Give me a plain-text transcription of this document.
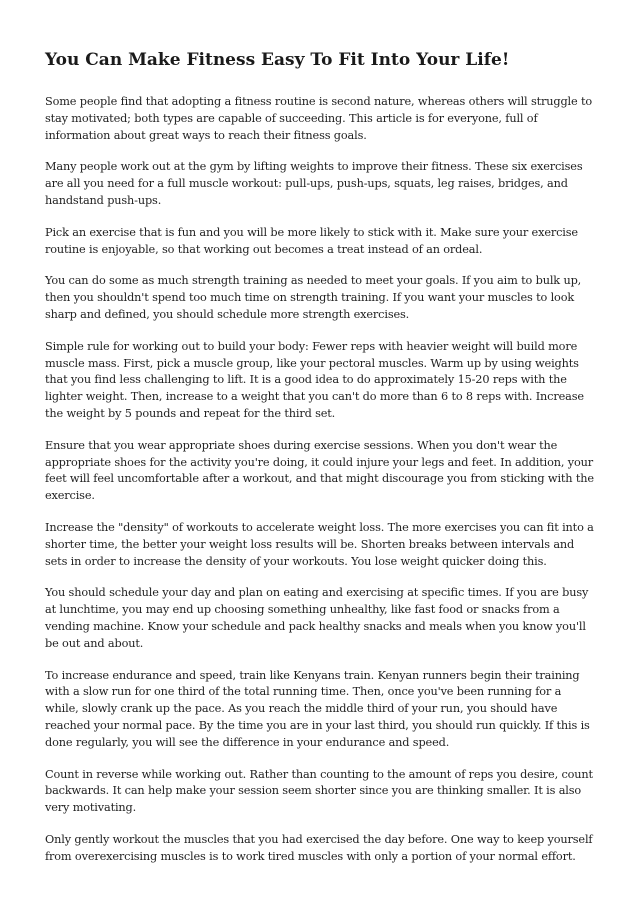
You Can Make Fitness Easy To Fit Into Your Life!

Some people find that adopting a fitness routine is second nature, whereas others will struggle to stay motivated; both types are capable of succeeding. This article is for everyone, full of information about great ways to reach their fitness goals.

Many people work out at the gym by lifting weights to improve their fitness. These six exercises are all you need for a full muscle workout: pull-ups, push-ups, squats, leg raises, bridges, and handstand push-ups.

Pick an exercise that is fun and you will be more likely to stick with it. Make sure your exercise routine is enjoyable, so that working out becomes a treat instead of an ordeal.

You can do some as much strength training as needed to meet your goals. If you aim to bulk up, then you shouldn't spend too much time on strength training. If you want your muscles to look sharp and defined, you should schedule more strength exercises.

Simple rule for working out to build your body: Fewer reps with heavier weight will build more muscle mass. First, pick a muscle group, like your pectoral muscles. Warm up by using weights that you find less challenging to lift. It is a good idea to do approximately 15-20 reps with the lighter weight. Then, increase to a weight that you can't do more than 6 to 8 reps with. Increase the weight by 5 pounds and repeat for the third set.

Ensure that you wear appropriate shoes during exercise sessions. When you don't wear the appropriate shoes for the activity you're doing, it could injure your legs and feet. In addition, your feet will feel uncomfortable after a workout, and that might discourage you from sticking with the exercise.

Increase the "density" of workouts to accelerate weight loss. The more exercises you can fit into a shorter time, the better your weight loss results will be. Shorten breaks between intervals and sets in order to increase the density of your workouts. You lose weight quicker doing this.

You should schedule your day and plan on eating and exercising at specific times. If you are busy at lunchtime, you may end up choosing something unhealthy, like fast food or snacks from a vending machine. Know your schedule and pack healthy snacks and meals when you know you'll be out and about.

To increase endurance and speed, train like Kenyans train. Kenyan runners begin their training with a slow run for one third of the total running time. Then, once you've been running for a while, slowly crank up the pace. As you reach the middle third of your run, you should have reached your normal pace. By the time you are in your last third, you should run quickly. If this is done regularly, you will see the difference in your endurance and speed.

Count in reverse while working out. Rather than counting to the amount of reps you desire, count backwards. It can help make your session seem shorter since you are thinking smaller. It is also very motivating.

Only gently workout the muscles that you had exercised the day before. One way to keep yourself from overexercising muscles is to work tired muscles with only a portion of your normal effort.
